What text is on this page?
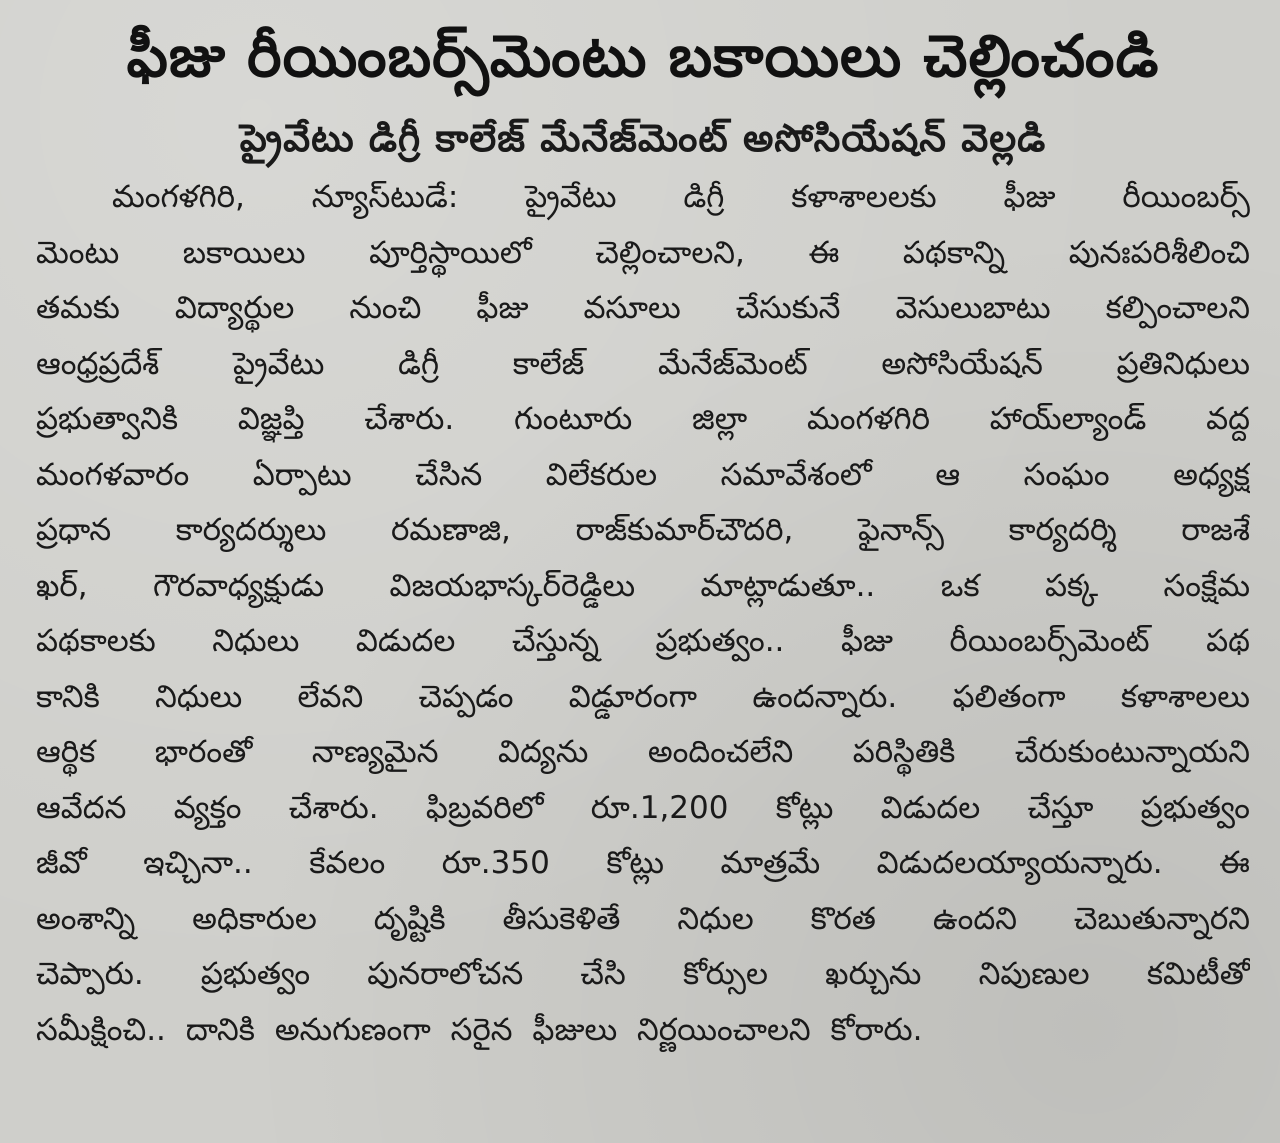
ఫీజు రీయింబర్స్‌మెంటు బకాయిలు చెల్లించండి
ప్రైవేటు డిగ్రీ కాలేజ్ మేనేజ్‌మెంట్ అసోసియేషన్ వెల్లడి
మంగళగిరి, న్యూస్‌టుడే: ప్రైవేటు డిగ్రీ కళాశాలలకు ఫీజు రీయింబర్స్
మెంటు బకాయిలు పూర్తిస్థాయిలో చెల్లించాలని, ఈ పథకాన్ని పునఃపరిశీలించి
తమకు విద్యార్థుల నుంచి ఫీజు వసూలు చేసుకునే వెసులుబాటు కల్పించాలని
ఆంధ్రప్రదేశ్ ప్రైవేటు డిగ్రీ కాలేజ్ మేనేజ్‌మెంట్ అసోసియేషన్ ప్రతినిధులు
ప్రభుత్వానికి విజ్ఞప్తి చేశారు. గుంటూరు జిల్లా మంగళగిరి హాయ్‌ల్యాండ్ వద్ద
మంగళవారం ఏర్పాటు చేసిన విలేకరుల సమావేశంలో ఆ సంఘం అధ్యక్ష
ప్రధాన కార్యదర్శులు రమణాజి, రాజ్‌కుమార్‌చౌదరి, ఫైనాన్స్ కార్యదర్శి రాజశే
ఖర్, గౌరవాధ్యక్షుడు విజయభాస్కర్‌రెడ్డిలు మాట్లాడుతూ.. ఒక పక్క సంక్షేమ
పథకాలకు నిధులు విడుదల చేస్తున్న ప్రభుత్వం.. ఫీజు రీయింబర్స్‌మెంట్ పథ
కానికి నిధులు లేవని చెప్పడం విడ్డూరంగా ఉందన్నారు. ఫలితంగా కళాశాలలు
ఆర్థిక భారంతో నాణ్యమైన విద్యను అందించలేని పరిస్థితికి చేరుకుంటున్నాయని
ఆవేదన వ్యక్తం చేశారు. ఫిబ్రవరిలో రూ.1,200 కోట్లు విడుదల చేస్తూ ప్రభుత్వం
జీవో ఇచ్చినా.. కేవలం రూ.350 కోట్లు మాత్రమే విడుదలయ్యాయన్నారు. ఈ
అంశాన్ని అధికారుల దృష్టికి తీసుకెళితే నిధుల కొరత ఉందని చెబుతున్నారని
చెప్పారు. ప్రభుత్వం పునరాలోచన చేసి కోర్సుల ఖర్చును నిపుణుల కమిటీతో
సమీక్షించి.. దానికి అనుగుణంగా సరైన ఫీజులు నిర్ణయించాలని కోరారు.
